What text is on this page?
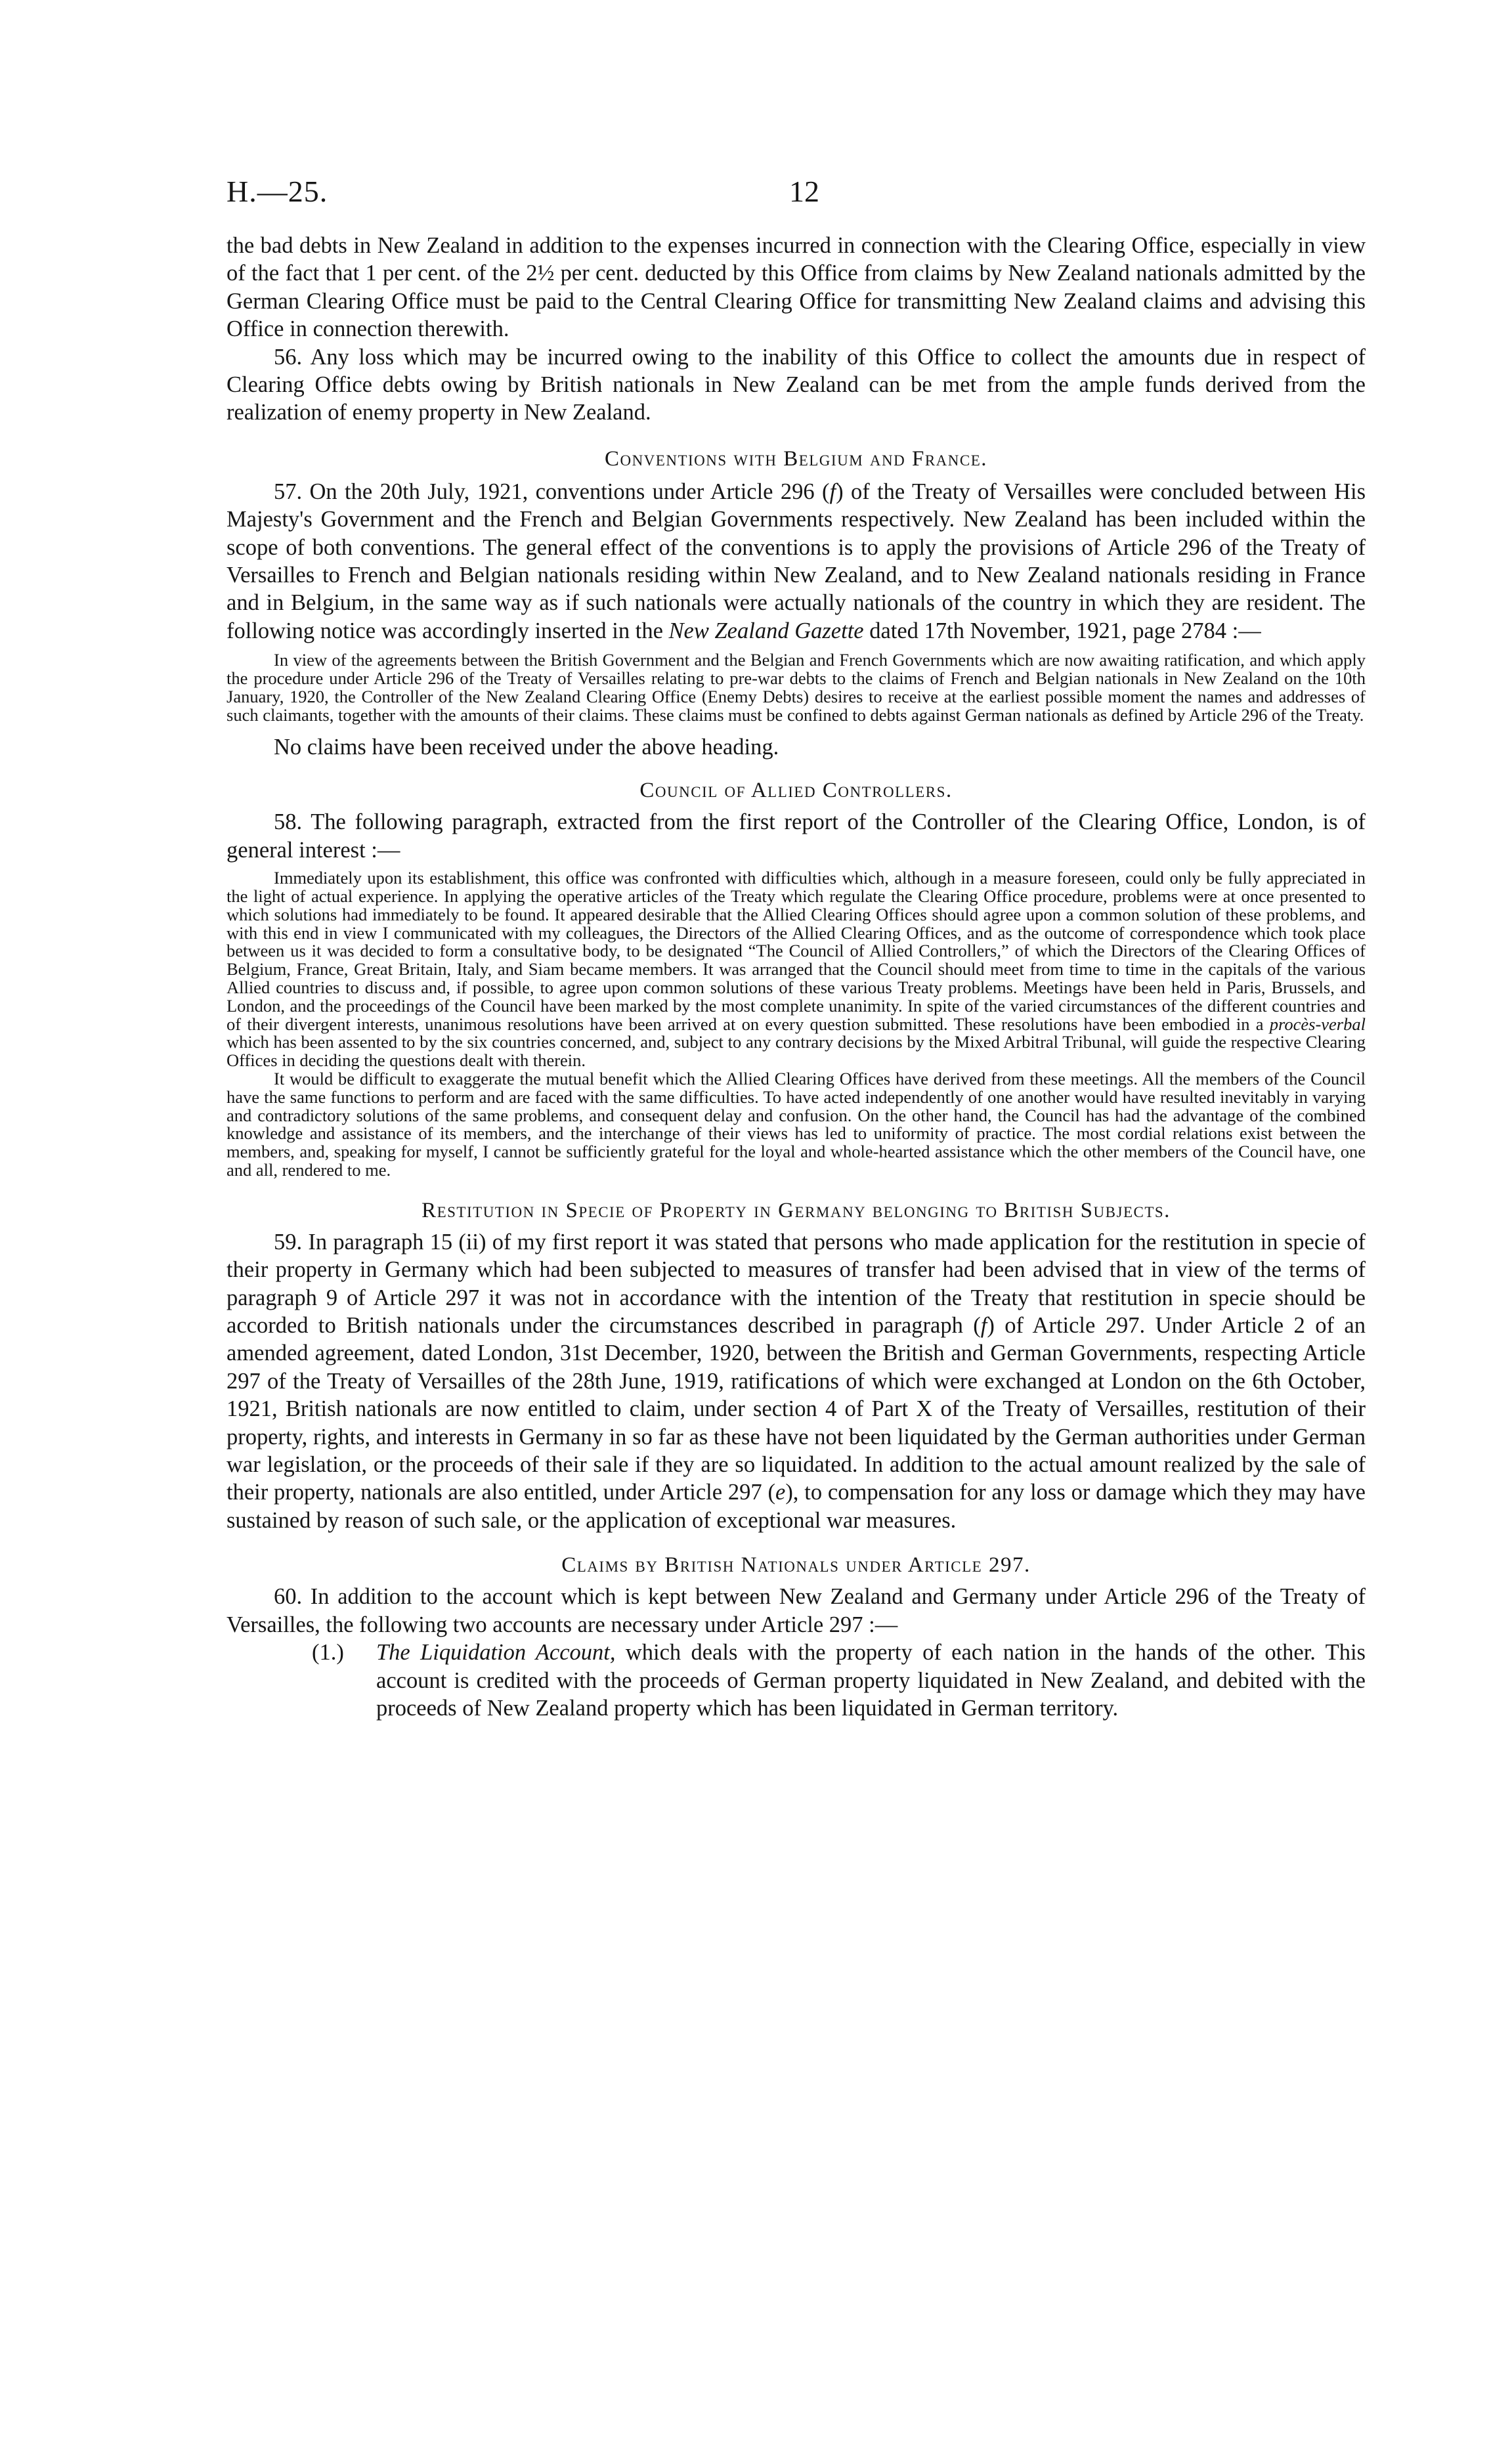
H.—25.	12

the bad debts in New Zealand in addition to the expenses incurred in connection with the Clearing Office, especially in view of the fact that 1 per cent. of the 2½ per cent. deducted by this Office from claims by New Zealand nationals admitted by the German Clearing Office must be paid to the Central Clearing Office for transmitting New Zealand claims and advising this Office in connection therewith.

56. Any loss which may be incurred owing to the inability of this Office to collect the amounts due in respect of Clearing Office debts owing by British nationals in New Zealand can be met from the ample funds derived from the realization of enemy property in New Zealand.

Conventions with Belgium and France.

57. On the 20th July, 1921, conventions under Article 296 (f) of the Treaty of Versailles were concluded between His Majesty's Government and the French and Belgian Governments respectively. New Zealand has been included within the scope of both conventions. The general effect of the conventions is to apply the provisions of Article 296 of the Treaty of Versailles to French and Belgian nationals residing within New Zealand, and to New Zealand nationals residing in France and in Belgium, in the same way as if such nationals were actually nationals of the country in which they are resident. The following notice was accordingly inserted in the New Zealand Gazette dated 17th November, 1921, page 2784 :—

In view of the agreements between the British Government and the Belgian and French Governments which are now awaiting ratification, and which apply the procedure under Article 296 of the Treaty of Versailles relating to pre-war debts to the claims of French and Belgian nationals in New Zealand on the 10th January, 1920, the Controller of the New Zealand Clearing Office (Enemy Debts) desires to receive at the earliest possible moment the names and addresses of such claimants, together with the amounts of their claims. These claims must be confined to debts against German nationals as defined by Article 296 of the Treaty.

No claims have been received under the above heading.

Council of Allied Controllers.

58. The following paragraph, extracted from the first report of the Controller of the Clearing Office, London, is of general interest :—

Immediately upon its establishment, this office was confronted with difficulties which, although in a measure foreseen, could only be fully appreciated in the light of actual experience. In applying the operative articles of the Treaty which regulate the Clearing Office procedure, problems were at once presented to which solutions had immediately to be found. It appeared desirable that the Allied Clearing Offices should agree upon a common solution of these problems, and with this end in view I communicated with my colleagues, the Directors of the Allied Clearing Offices, and as the outcome of correspondence which took place between us it was decided to form a consultative body, to be designated “The Council of Allied Controllers,” of which the Directors of the Clearing Offices of Belgium, France, Great Britain, Italy, and Siam became members. It was arranged that the Council should meet from time to time in the capitals of the various Allied countries to discuss and, if possible, to agree upon common solutions of these various Treaty problems. Meetings have been held in Paris, Brussels, and London, and the proceedings of the Council have been marked by the most complete unanimity. In spite of the varied circumstances of the different countries and of their divergent interests, unanimous resolutions have been arrived at on every question submitted. These resolutions have been embodied in a procès-verbal which has been assented to by the six countries concerned, and, subject to any contrary decisions by the Mixed Arbitral Tribunal, will guide the respective Clearing Offices in deciding the questions dealt with therein.

It would be difficult to exaggerate the mutual benefit which the Allied Clearing Offices have derived from these meetings. All the members of the Council have the same functions to perform and are faced with the same difficulties. To have acted independently of one another would have resulted inevitably in varying and contradictory solutions of the same problems, and consequent delay and confusion. On the other hand, the Council has had the advantage of the combined knowledge and assistance of its members, and the interchange of their views has led to uniformity of practice. The most cordial relations exist between the members, and, speaking for myself, I cannot be sufficiently grateful for the loyal and whole-hearted assistance which the other members of the Council have, one and all, rendered to me.

Restitution in Specie of Property in Germany belonging to British Subjects.

59. In paragraph 15 (ii) of my first report it was stated that persons who made application for the restitution in specie of their property in Germany which had been subjected to measures of transfer had been advised that in view of the terms of paragraph 9 of Article 297 it was not in accordance with the intention of the Treaty that restitution in specie should be accorded to British nationals under the circumstances described in paragraph (f) of Article 297. Under Article 2 of an amended agreement, dated London, 31st December, 1920, between the British and German Governments, respecting Article 297 of the Treaty of Versailles of the 28th June, 1919, ratifications of which were exchanged at London on the 6th October, 1921, British nationals are now entitled to claim, under section 4 of Part X of the Treaty of Versailles, restitution of their property, rights, and interests in Germany in so far as these have not been liquidated by the German authorities under German war legislation, or the proceeds of their sale if they are so liquidated. In addition to the actual amount realized by the sale of their property, nationals are also entitled, under Article 297 (e), to compensation for any loss or damage which they may have sustained by reason of such sale, or the application of exceptional war measures.

Claims by British Nationals under Article 297.

60. In addition to the account which is kept between New Zealand and Germany under Article 296 of the Treaty of Versailles, the following two accounts are necessary under Article 297 :—

(1.) The Liquidation Account, which deals with the property of each nation in the hands of the other. This account is credited with the proceeds of German property liquidated in New Zealand, and debited with the proceeds of New Zealand property which has been liquidated in German territory.
